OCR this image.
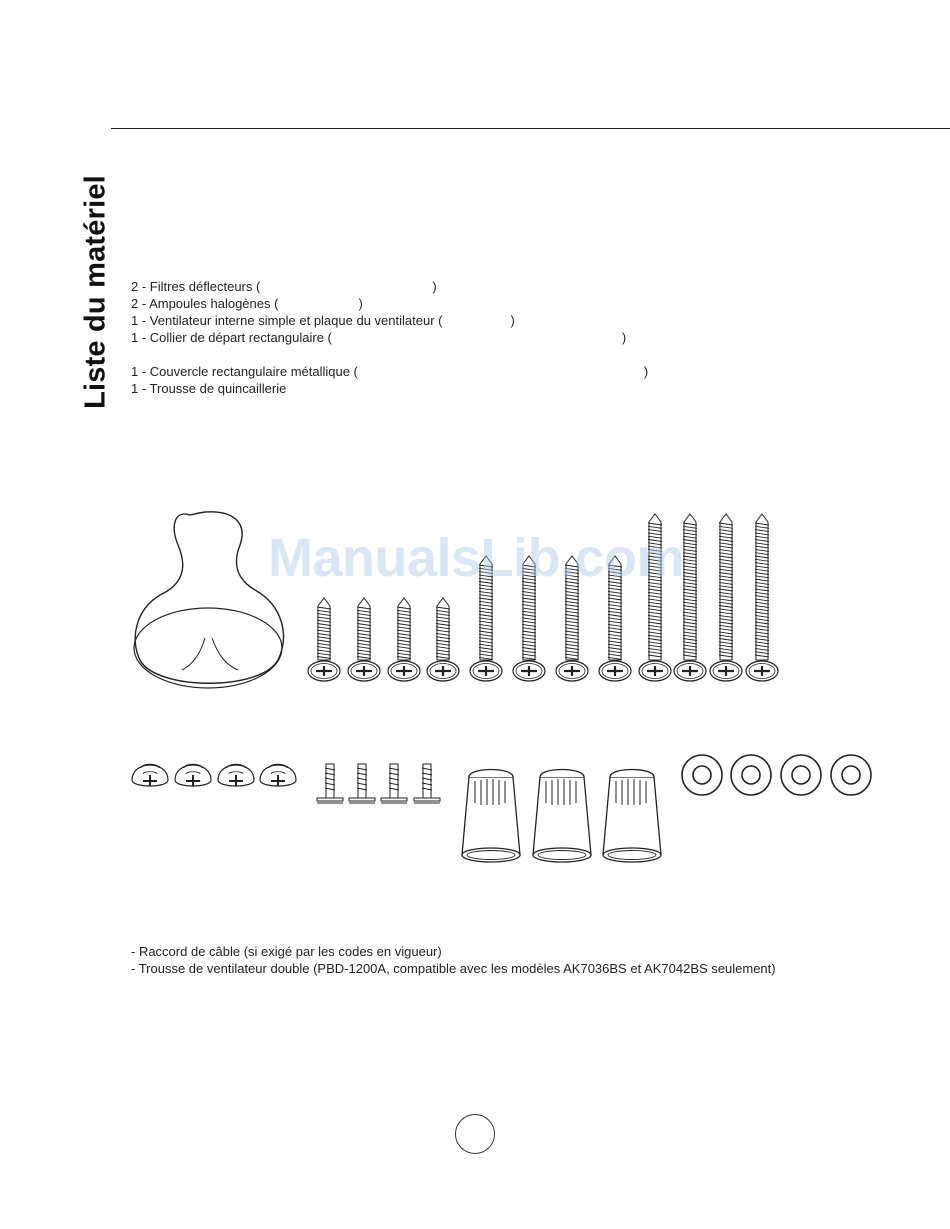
Liste du matériel 2 - Filtres déflecteurs (	)
2 - Ampoules halogènes (	)
1 - Ventilateur interne simple et plaque du ventilateur (	)
1 - Collier de départ rectangulaire (	)
1 - Couvercle rectangulaire métallique (	)
1 - Trousse de quincaillerie
ManualsLib.com
- Raccord de câble (si exigé par les codes en vigueur)
- Trousse de ventilateur double (PBD-1200A, compatible avec les modèles AK7036BS et AK7042BS seulement)
